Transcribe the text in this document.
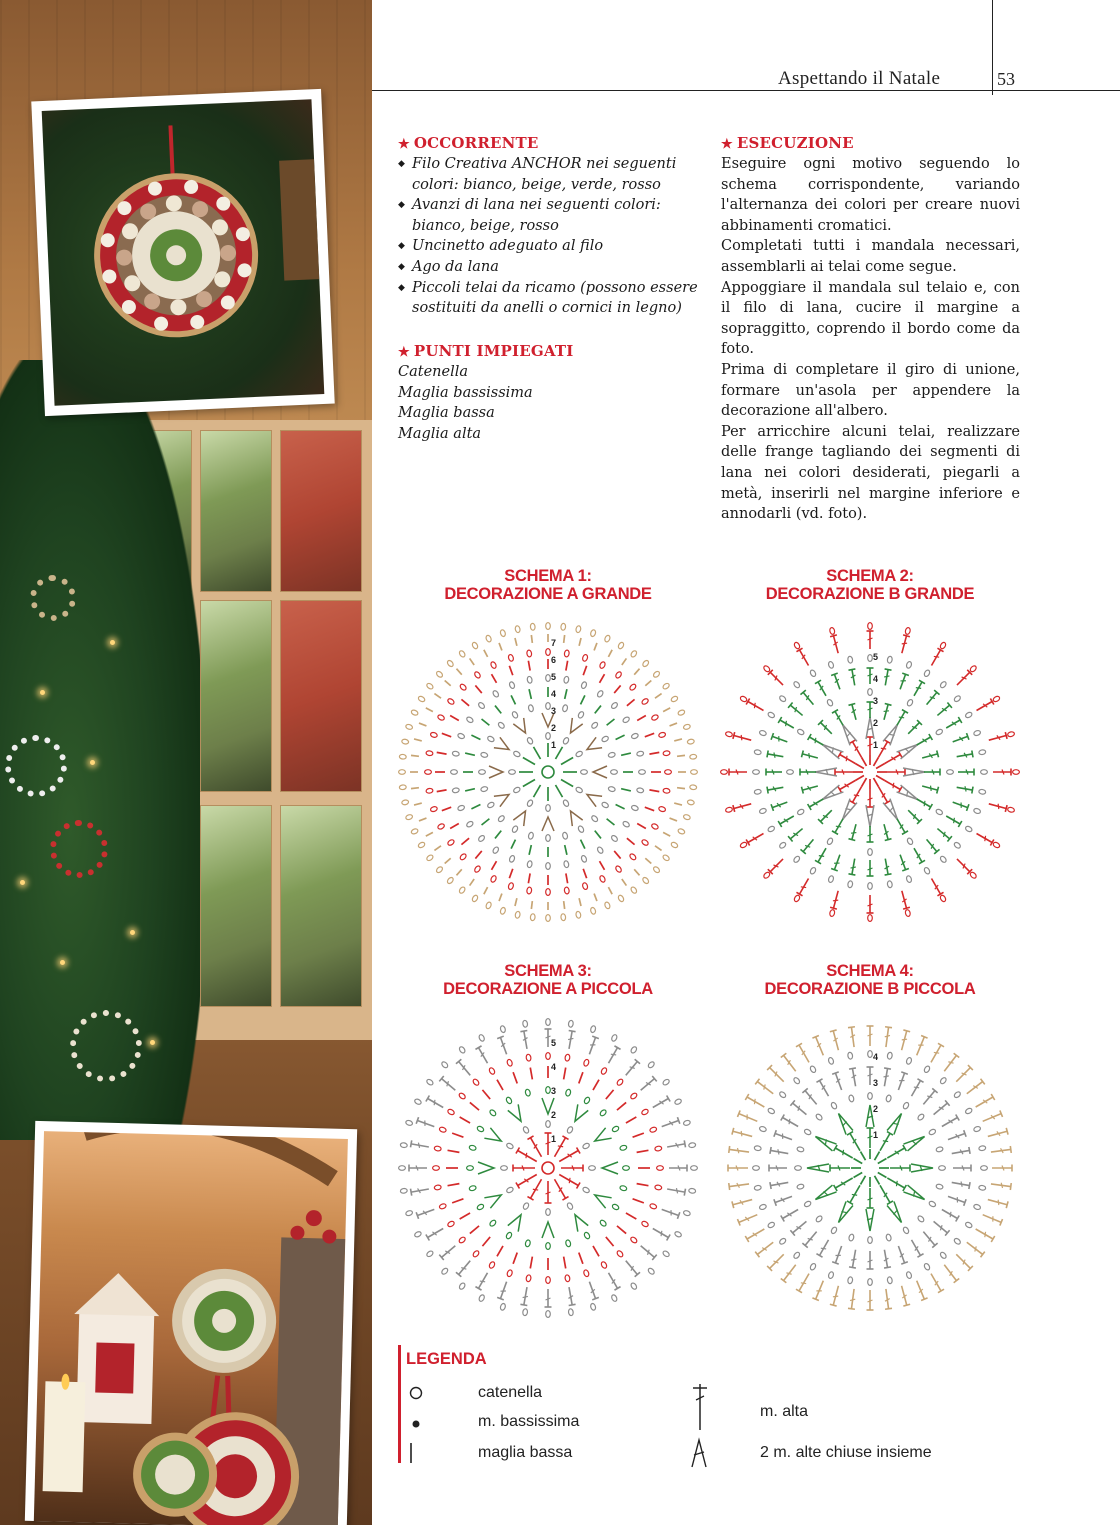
Aspettando il Natale	53
★ OCCORRENTE
◆ Filo Creativa ANCHOR nei seguenti colori: bianco, beige, verde, rosso
◆ Avanzi di lana nei seguenti colori: bianco, beige, rosso
◆ Uncinetto adeguato al filo
◆ Ago da lana
◆ Piccoli telai da ricamo (possono essere sostituiti da anelli o cornici in legno)
★ PUNTI IMPIEGATI
Catenella
Maglia bassissima
Maglia bassa
Maglia alta
★ ESECUZIONE

Eseguire ogni motivo seguendo lo schema corrispondente, variando l'alternanza dei colori per creare nuovi abbinamenti cromatici.

Completati tutti i mandala necessari, assemblarli ai telai come segue.

Appoggiare il mandala sul telaio e, con il filo di lana, cucire il margine a sopraggitto, coprendo il bordo come da foto.

Prima di completare il giro di unione, formare un'asola per appendere la decorazione all'albero.

Per arricchire alcuni telai, realizzare delle frange tagliando dei segmenti di lana nei colori desiderati, piegarli a metà, inserirli nel margine inferiore e annodarli (vd. foto).

SCHEMA 1:
DECORAZIONE A GRANDE
SCHEMA 2:
DECORAZIONE B GRANDE
SCHEMA 3:
DECORAZIONE A PICCOLA
SCHEMA 4:
DECORAZIONE B PICCOLA
1
2
3
4
5
6
7
1
2
3
4
5
1
2
3
4
5
1
2
3
4
LEGENDA
catenella
m. bassissima
maglia bassa
m. alta
2 m. alte chiuse insieme
